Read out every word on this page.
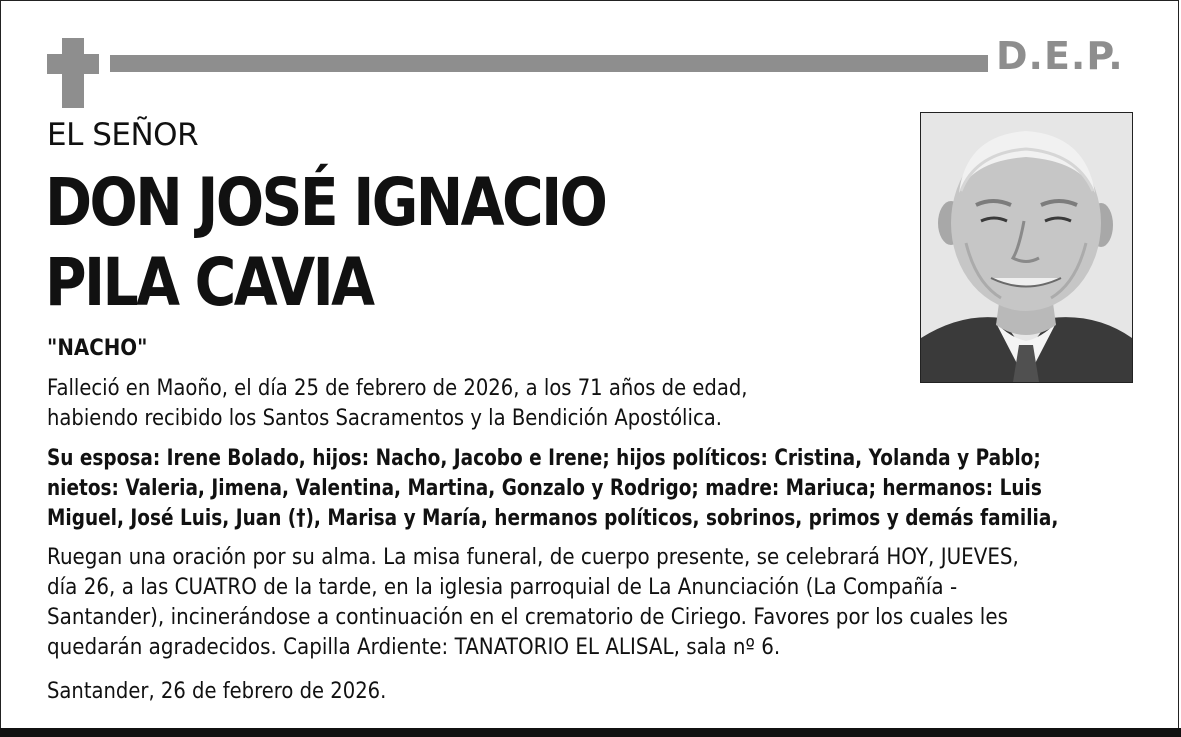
D.E.P.
EL SEÑOR
DON JOSÉ IGNACIO
PILA CAVIA
"NACHO"
Falleció en Maoño, el día 25 de febrero de 2026, a los 71 años de edad,
habiendo recibido los Santos Sacramentos y la Bendición Apostólica.
Su esposa: Irene Bolado, hijos: Nacho, Jacobo e Irene; hijos políticos: Cristina, Yolanda y Pablo;
nietos: Valeria, Jimena, Valentina, Martina, Gonzalo y Rodrigo; madre: Mariuca; hermanos: Luis
Miguel, José Luis, Juan (†), Marisa y María, hermanos políticos, sobrinos, primos y demás familia,
Ruegan una oración por su alma. La misa funeral, de cuerpo presente, se celebrará HOY, JUEVES,
día 26, a las CUATRO de la tarde, en la iglesia parroquial de La Anunciación (La Compañía -
Santander), incinerándose a continuación en el crematorio de Ciriego. Favores por los cuales les
quedarán agradecidos. Capilla Ardiente: TANATORIO EL ALISAL, sala nº 6.
Santander, 26 de febrero de 2026.
